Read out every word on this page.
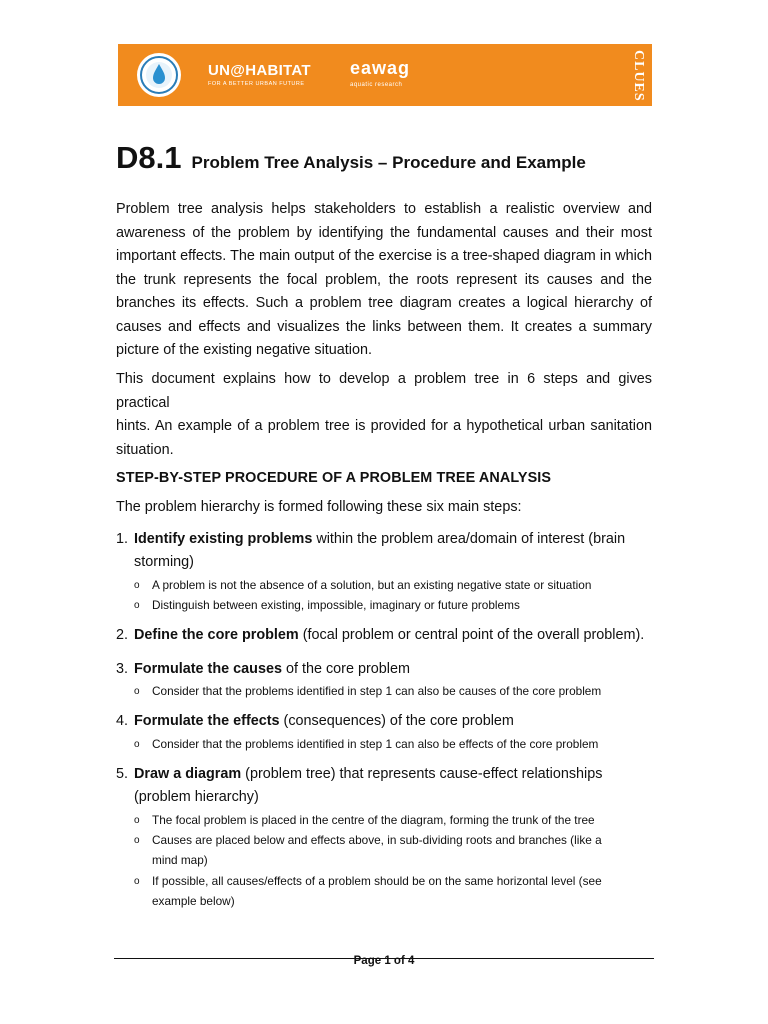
UN@HABITAT
FOR A BETTER URBAN FUTURE
eawag
aquatic research	CLUES
D8.1 Problem Tree Analysis – Procedure and Example
Problem tree analysis helps stakeholders to establish a realistic overview and
awareness of the problem by identifying the fundamental causes and their most
important effects. The main output of the exercise is a tree-shaped diagram in which
the trunk represents the focal problem, the roots represent its causes and the
branches its effects. Such a problem tree diagram creates a logical hierarchy of
causes and effects and visualizes the links between them. It creates a summary
picture of the existing negative situation.
This document explains how to develop a problem tree in 6 steps and gives practical
hints. An example of a problem tree is provided for a hypothetical urban sanitation
situation.
STEP-BY-STEP PROCEDURE OF A PROBLEM TREE ANALYSIS
The problem hierarchy is formed following these six main steps:
1. Identify existing problems within the problem area/domain of interest (brain
storming)
o A problem is not the absence of a solution, but an existing negative state or situation
o Distinguish between existing, impossible, imaginary or future problems
2. Define the core problem (focal problem or central point of the overall problem).
3. Formulate the causes of the core problem
o Consider that the problems identified in step 1 can also be causes of the core problem
4. Formulate the effects (consequences) of the core problem
o Consider that the problems identified in step 1 can also be effects of the core problem
5. Draw a diagram (problem tree) that represents cause-effect relationships
(problem hierarchy)
o The focal problem is placed in the centre of the diagram, forming the trunk of the tree
o Causes are placed below and effects above, in sub-dividing roots and branches (like a
mind map)
o If possible, all causes/effects of a problem should be on the same horizontal level (see
example below)
Page 1 of 4
